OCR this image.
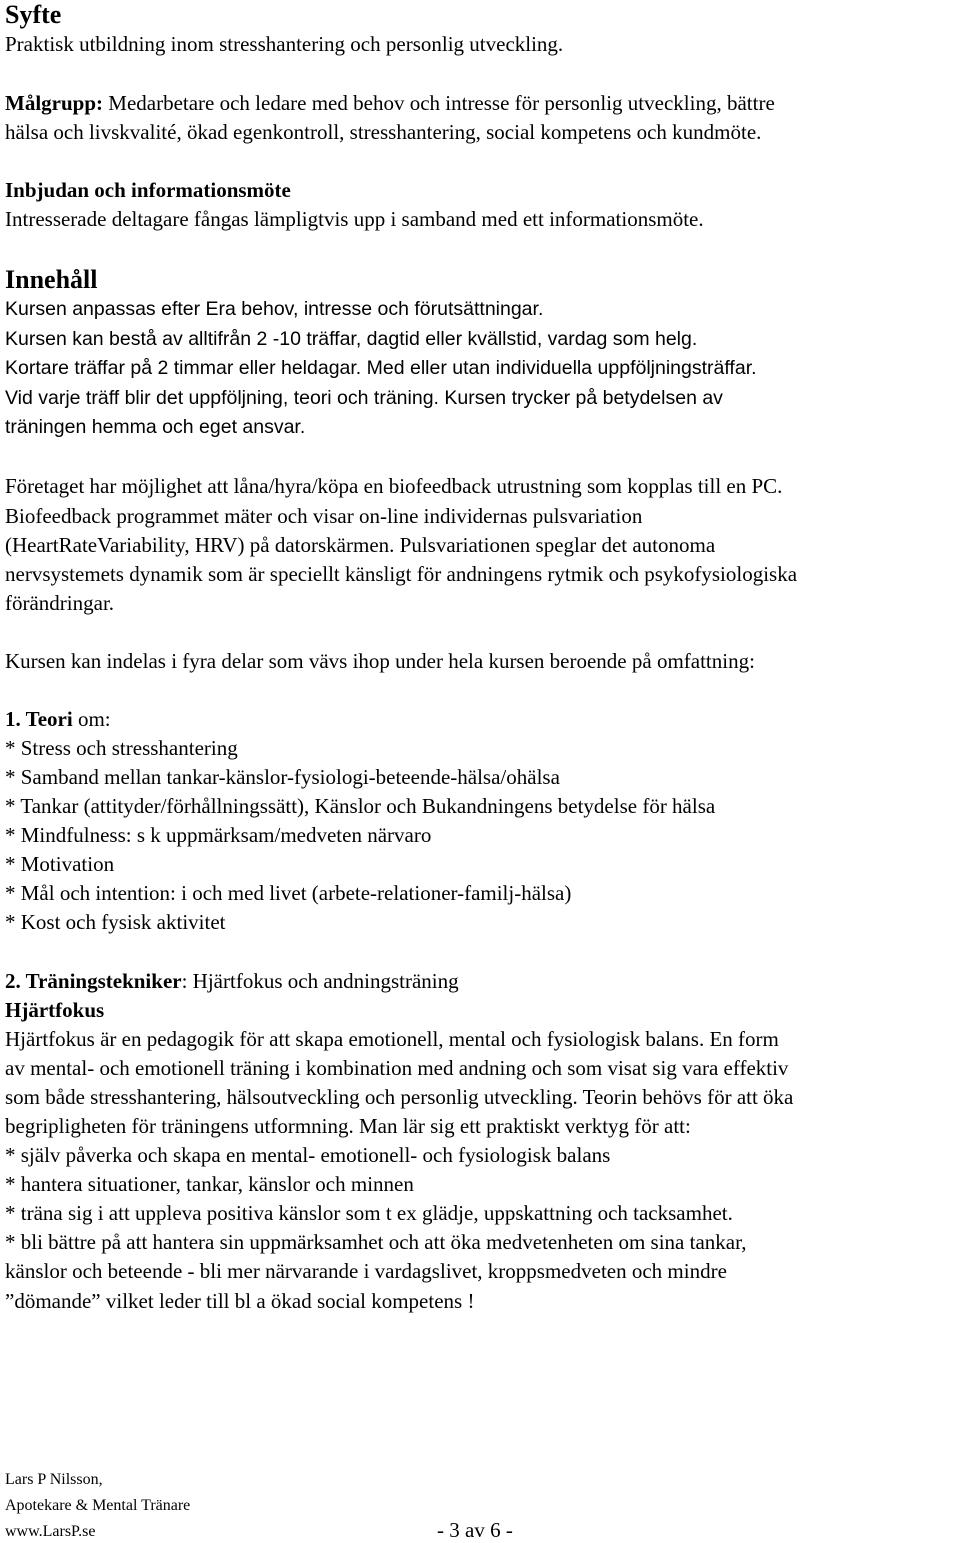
Syfte
Praktisk utbildning inom stresshantering och personlig utveckling.
Målgrupp: Medarbetare och ledare med behov och intresse för personlig utveckling, bättre
hälsa och livskvalité, ökad egenkontroll, stresshantering, social kompetens och kundmöte.
Inbjudan och informationsmöte
Intresserade deltagare fångas lämpligtvis upp i samband med ett informationsmöte.
Innehåll
Kursen anpassas efter Era behov, intresse och förutsättningar.
Kursen kan bestå av alltifrån 2 -10 träffar, dagtid eller kvällstid, vardag som helg.
Kortare träffar på 2 timmar eller heldagar. Med eller utan individuella uppföljningsträffar.
Vid varje träff blir det uppföljning, teori och träning. Kursen trycker på betydelsen av
träningen hemma och eget ansvar.
Företaget har möjlighet att låna/hyra/köpa en biofeedback utrustning som kopplas till en PC.
Biofeedback programmet mäter och visar on-line individernas pulsvariation
(HeartRateVariability, HRV) på datorskärmen. Pulsvariationen speglar det autonoma
nervsystemets dynamik som är speciellt känsligt för andningens rytmik och psykofysiologiska
förändringar.
Kursen kan indelas i fyra delar som vävs ihop under hela kursen beroende på omfattning:
1. Teori om:
* Stress och stresshantering
* Samband mellan tankar-känslor-fysiologi-beteende-hälsa/ohälsa
* Tankar (attityder/förhållningssätt), Känslor och Bukandningens betydelse för hälsa
* Mindfulness: s k uppmärksam/medveten närvaro
* Motivation
* Mål och intention: i och med livet (arbete-relationer-familj-hälsa)
* Kost och fysisk aktivitet
2. Träningstekniker: Hjärtfokus och andningsträning
Hjärtfokus
Hjärtfokus är en pedagogik för att skapa emotionell, mental och fysiologisk balans. En form
av mental- och emotionell träning i kombination med andning och som visat sig vara effektiv
som både stresshantering, hälsoutveckling och personlig utveckling. Teorin behövs för att öka
begripligheten för träningens utformning. Man lär sig ett praktiskt verktyg för att:
* själv påverka och skapa en mental- emotionell- och fysiologisk balans
* hantera situationer, tankar, känslor och minnen
* träna sig i att uppleva positiva känslor som t ex glädje, uppskattning och tacksamhet.
* bli bättre på att hantera sin uppmärksamhet och att öka medvetenheten om sina tankar,
känslor och beteende - bli mer närvarande i vardagslivet, kroppsmedveten och mindre
”dömande” vilket leder till bl a ökad social kompetens !
Lars P Nilsson,
Apotekare & Mental Tränare
www.LarsP.se	- 3 av 6 -
